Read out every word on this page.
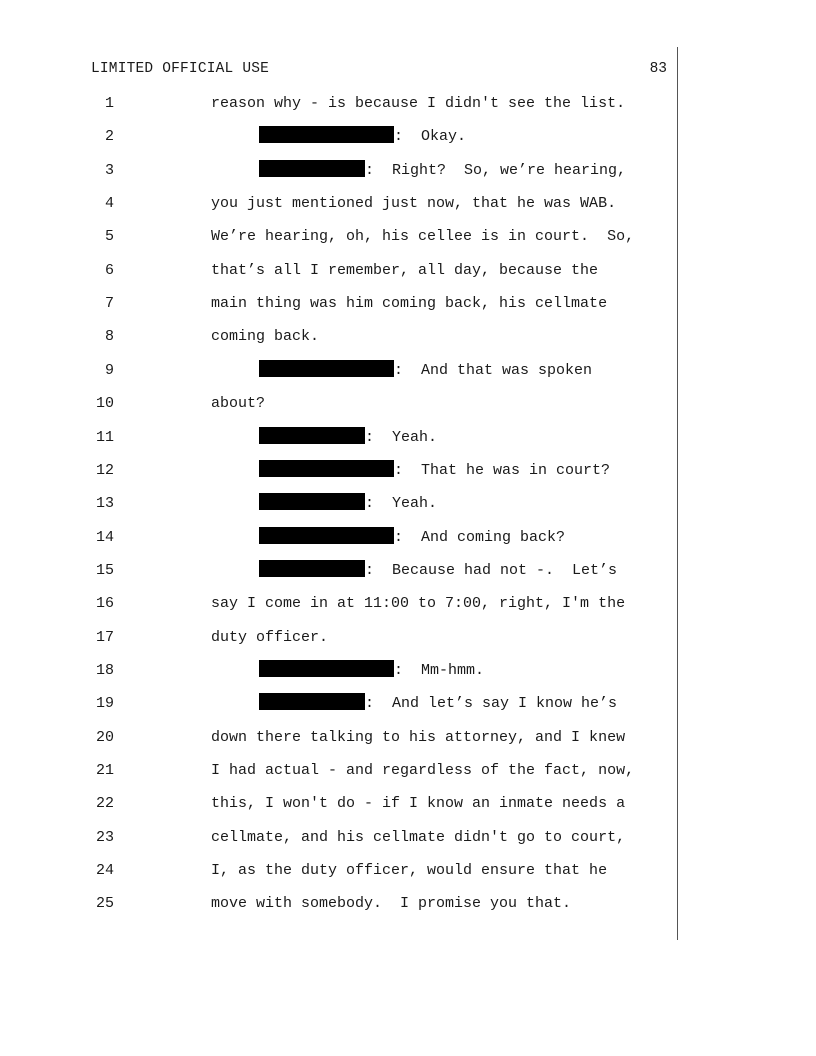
LIMITED OFFICIAL USE	83
1	reason why - is because I didn't see the list.
2	:  Okay.
3	:  Right?  So, we’re hearing,
4	you just mentioned just now, that he was WAB.
5	We’re hearing, oh, his cellee is in court.  So,
6	that’s all I remember, all day, because the
7	main thing was him coming back, his cellmate
8	coming back.
9	:  And that was spoken
10	about?
11	:  Yeah.
12	:  That he was in court?
13	:  Yeah.
14	:  And coming back?
15	:  Because had not -.  Let’s
16	say I come in at 11:00 to 7:00, right, I'm the
17	duty officer.
18	:  Mm-hmm.
19	:  And let’s say I know he’s
20	down there talking to his attorney, and I knew
21	I had actual - and regardless of the fact, now,
22	this, I won't do - if I know an inmate needs a
23	cellmate, and his cellmate didn't go to court,
24	I, as the duty officer, would ensure that he
25	move with somebody.  I promise you that.
